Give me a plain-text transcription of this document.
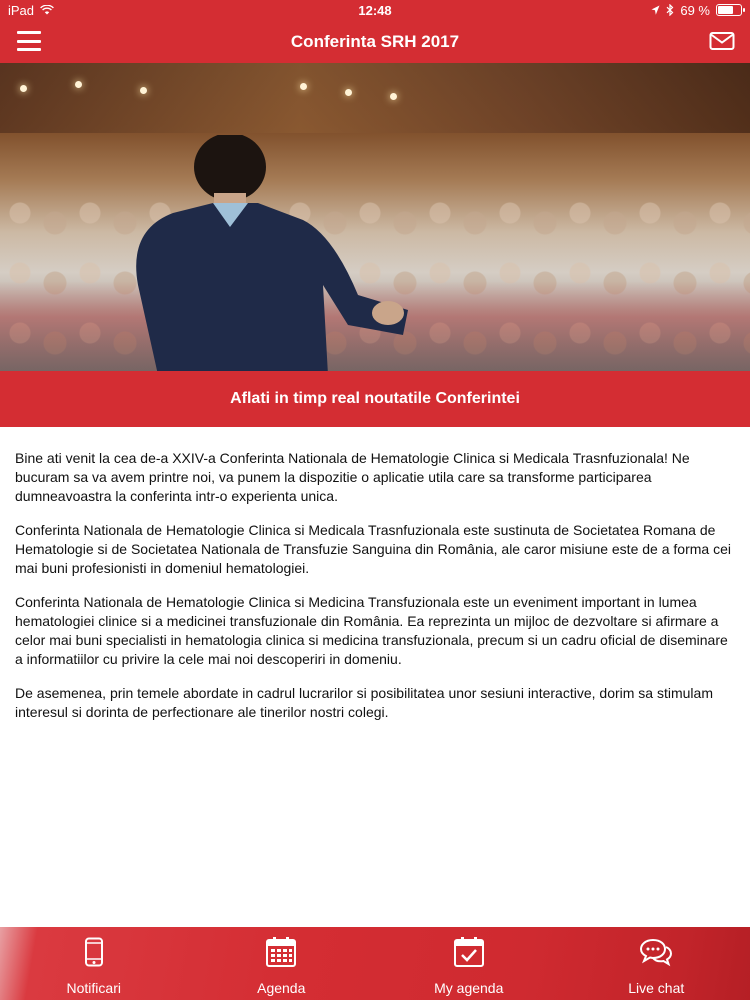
iPad	12:48	69 %
Conferinta SRH 2017
Aflati in timp real noutatile Conferintei

Bine ati venit la cea de-a XXIV-a Conferinta Nationala de Hematologie Clinica si Medicala Trasnfuzionala! Ne bucuram sa va avem printre noi, va punem la dispozitie o aplicatie utila care sa transforme participarea dumneavoastra la conferinta intr-o experienta unica.

Conferinta Nationala de Hematologie Clinica si Medicala Trasnfuzionala este sustinuta de Societatea Romana de Hematologie si de Societatea Nationala de Transfuzie Sanguina din România, ale caror misiune este de a forma cei mai buni profesionisti in domeniul hematologiei.

Conferinta Nationala de Hematologie Clinica si Medicina Transfuzionala este un eveniment important in lumea hematologiei clinice si a medicinei transfuzionale din România. Ea reprezinta un mijloc de dezvoltare si afirmare a celor mai buni specialisti in hematologia clinica si medicina transfuzionala, precum si un cadru oficial de diseminare a informatiilor cu privire la cele mai noi descoperiri in domeniu.

De asemenea, prin temele abordate in cadrul lucrarilor si posibilitatea unor sesiuni interactive, dorim sa stimulam interesul si dorinta de perfectionare ale tinerilor nostri colegi.

Notificari	Agenda	My agenda	Live chat
